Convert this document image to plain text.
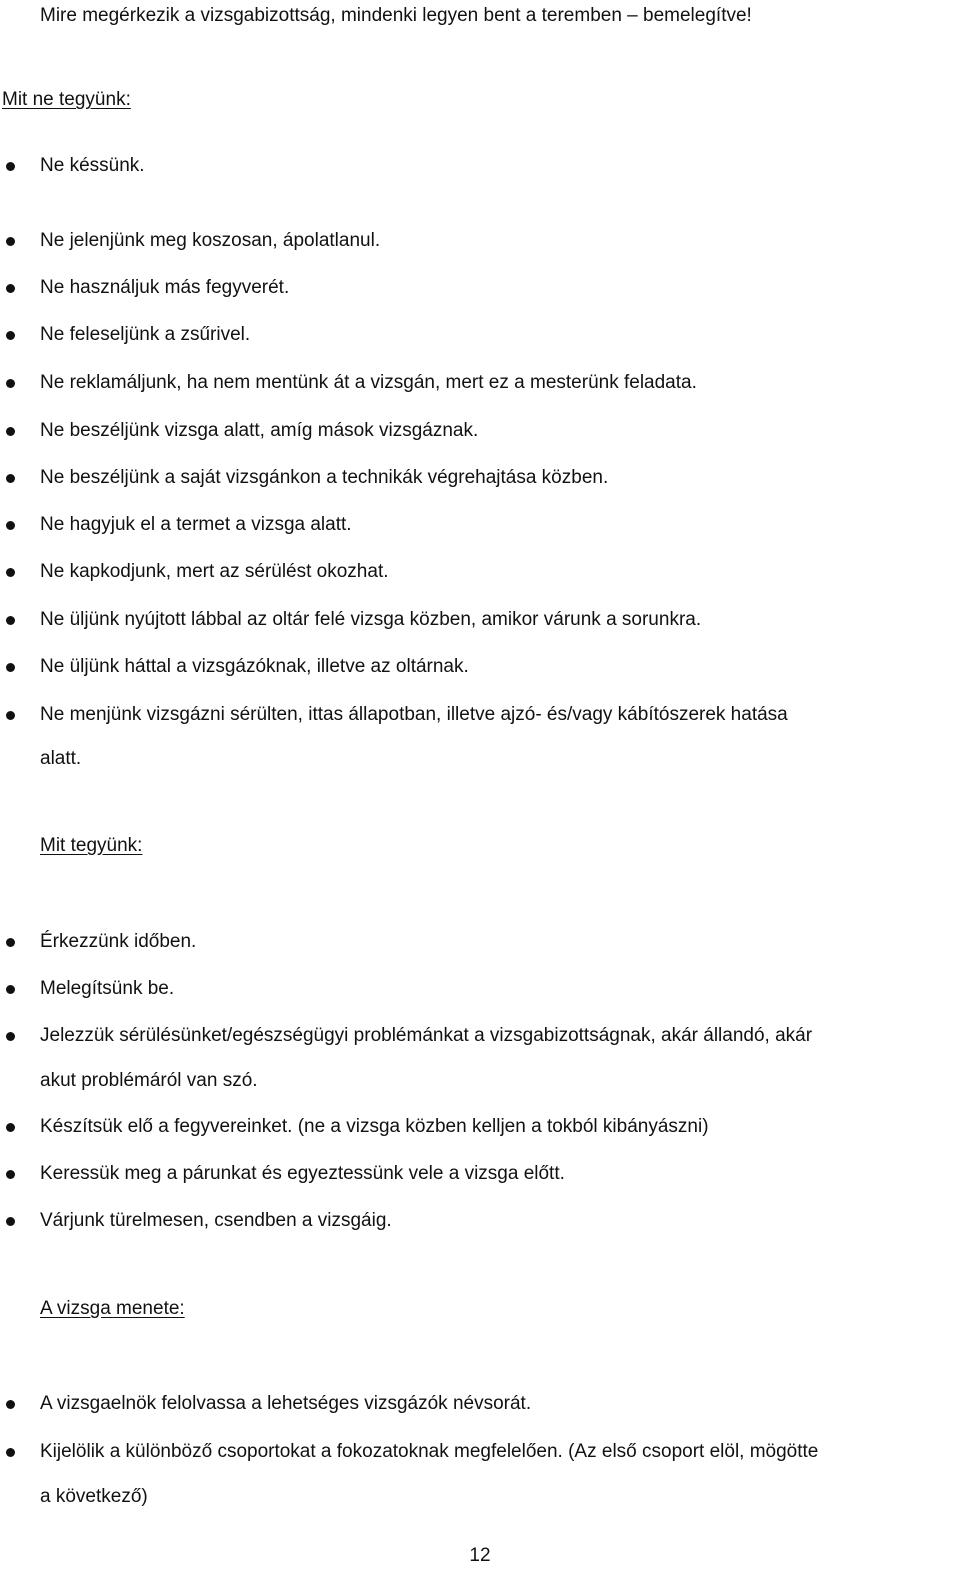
Mire megérkezik a vizsgabizottság, mindenki legyen bent a teremben – bemelegítve!
Mit ne tegyünk:
Ne késsünk.
Ne jelenjünk meg koszosan, ápolatlanul.
Ne használjuk más fegyverét.
Ne feleseljünk a zsűrivel.
Ne reklamáljunk, ha nem mentünk át a vizsgán, mert ez a mesterünk feladata.
Ne beszéljünk vizsga alatt, amíg mások vizsgáznak.
Ne beszéljünk a saját vizsgánkon a technikák végrehajtása közben.
Ne hagyjuk el a termet a vizsga alatt.
Ne kapkodjunk, mert az sérülést okozhat.
Ne üljünk nyújtott lábbal az oltár felé vizsga közben, amikor várunk a sorunkra.
Ne üljünk háttal a vizsgázóknak, illetve az oltárnak.
Ne menjünk vizsgázni sérülten, ittas állapotban, illetve ajzó- és/vagy kábítószerek hatása
alatt.
Mit tegyünk:
Érkezzünk időben.
Melegítsünk be.
Jelezzük sérülésünket/egészségügyi problémánkat a vizsgabizottságnak, akár állandó, akár
akut problémáról van szó.
Készítsük elő a fegyvereinket. (ne a vizsga közben kelljen a tokból kibányászni)
Keressük meg a párunkat és egyeztessünk vele a vizsga előtt.
Várjunk türelmesen, csendben a vizsgáig.
A vizsga menete:
A vizsgaelnök felolvassa a lehetséges vizsgázók névsorát.
Kijelölik a különböző csoportokat a fokozatoknak megfelelően. (Az első csoport elöl, mögötte
a következő)
12
